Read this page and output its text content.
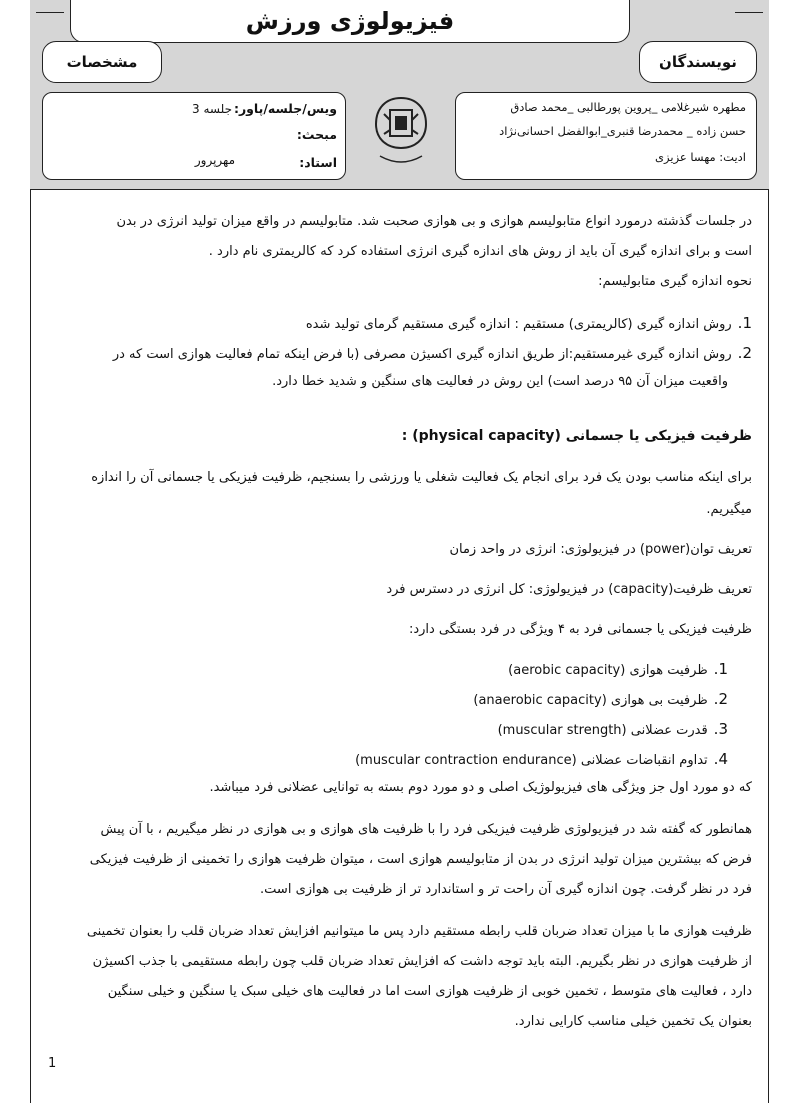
فیزیولوژی ورزش
مشخصات	نویسندگان
ویس/جلسه/پاور:
جلسه 3
مبحث:
استاد:
مهرپرور
مطهره شیرغلامی _پروین پورطالبی _محمد صادق
حسن زاده _ محمدرضا قنبری_ابوالفضل احسانی‌نژاد
ادیت: مهسا عزیزی
در جلسات گذشته درمورد انواع متابولیسم هوازی و بی هوازی صحبت شد. متابولیسم در واقع میزان تولید انرژی در بدن
است و برای اندازه گیری آن باید از روش های اندازه گیری انرژی استفاده کرد که کالریمتری نام دارد .
نحوه اندازه گیری متابولیسم:
1.روش اندازه گیری (کالریمتری) مستقیم : اندازه گیری مستقیم گرمای تولید شده
2.روش اندازه گیری غیرمستقیم:از طریق اندازه گیری اکسیژن مصرفی (با فرض اینکه تمام فعالیت هوازی است که در
واقعیت میزان آن ۹۵ درصد است) این روش در فعالیت های سنگین و شدید خطا دارد.
ظرفیت فیزیکی یا جسمانی (physical capacity) :
برای اینکه مناسب بودن یک فرد برای انجام یک فعالیت شغلی یا ورزشی را بسنجیم، ظرفیت فیزیکی یا جسمانی آن را اندازه
میگیریم.
تعریف توان(power) در فیزیولوژی: انرژی در واحد زمان
تعریف ظرفیت(capacity) در فیزیولوژی: کل انرژی در دسترس فرد
ظرفیت فیزیکی یا جسمانی فرد به ۴ ویژگی در فرد بستگی دارد:
1.ظرفیت هوازی (aerobic capacity)
2.ظرفیت بی هوازی (anaerobic capacity)
3.قدرت عضلانی (muscular strength)
4.تداوم انقباضات عضلانی (muscular contraction endurance)
که دو مورد اول جز ویژگی های فیزیولوژیک اصلی و دو مورد دوم بسته به توانایی عضلانی فرد میباشد.
همانطور که گفته شد در فیزیولوژی ظرفیت فیزیکی فرد را با ظرفیت های هوازی و بی هوازی در نظر میگیریم ، با آن پیش
فرض که بیشترین میزان تولید انرژی در بدن از متابولیسم هوازی است ، میتوان ظرفیت هوازی را تخمینی از ظرفیت فیزیکی
فرد در نظر گرفت. چون اندازه گیری آن راحت تر و استاندارد تر از ظرفیت بی هوازی است.
ظرفیت هوازی ما با میزان تعداد ضربان قلب رابطه مستقیم دارد پس ما میتوانیم افزایش تعداد ضربان قلب را بعنوان تخمینی
از ظرفیت هوازی در نظر بگیریم. البته باید توجه داشت که افزایش تعداد ضربان قلب چون رابطه مستقیمی با جذب اکسیژن
دارد ، فعالیت های متوسط ، تخمین خوبی از ظرفیت هوازی است اما در فعالیت های خیلی سبک یا سنگین و خیلی سنگین
بعنوان یک تخمین خیلی مناسب کارایی ندارد.
1
